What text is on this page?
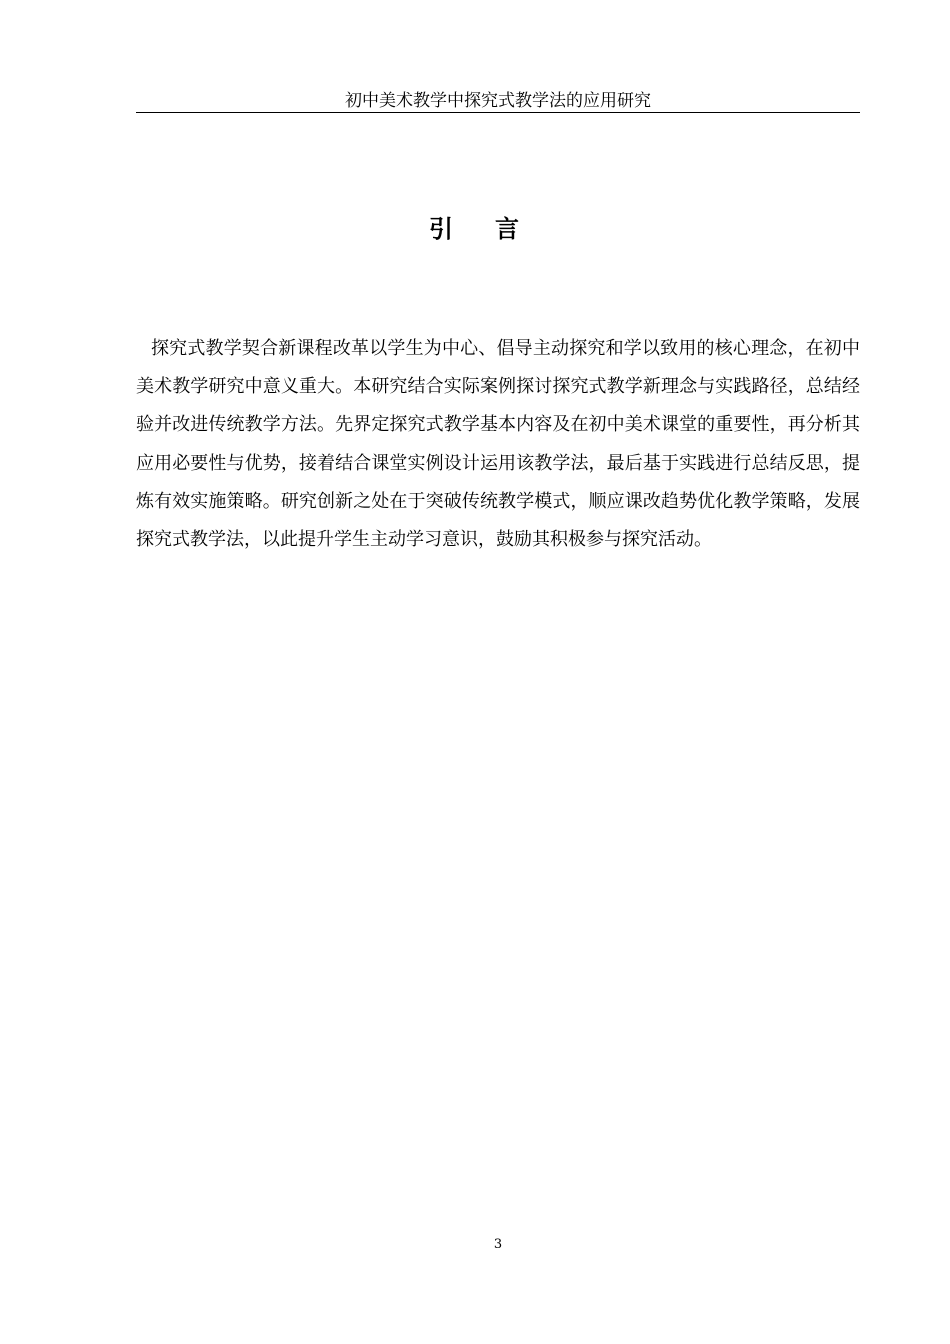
初中美术教学中探究式教学法的应用研究
引言

探究式教学契合新课程改革以学生为中心、倡导主动探究和学以致用的核心理念，在初中美术教学研究中意义重大。本研究结合实际案例探讨探究式教学新理念与实践路径，总结经验并改进传统教学方法。先界定探究式教学基本内容及在初中美术课堂的重要性，再分析其应用必要性与优势，接着结合课堂实例设计运用该教学法，最后基于实践进行总结反思，提炼有效实施策略。研究创新之处在于突破传统教学模式，顺应课改趋势优化教学策略，发展探究式教学法，以此提升学生主动学习意识，鼓励其积极参与探究活动。

3
